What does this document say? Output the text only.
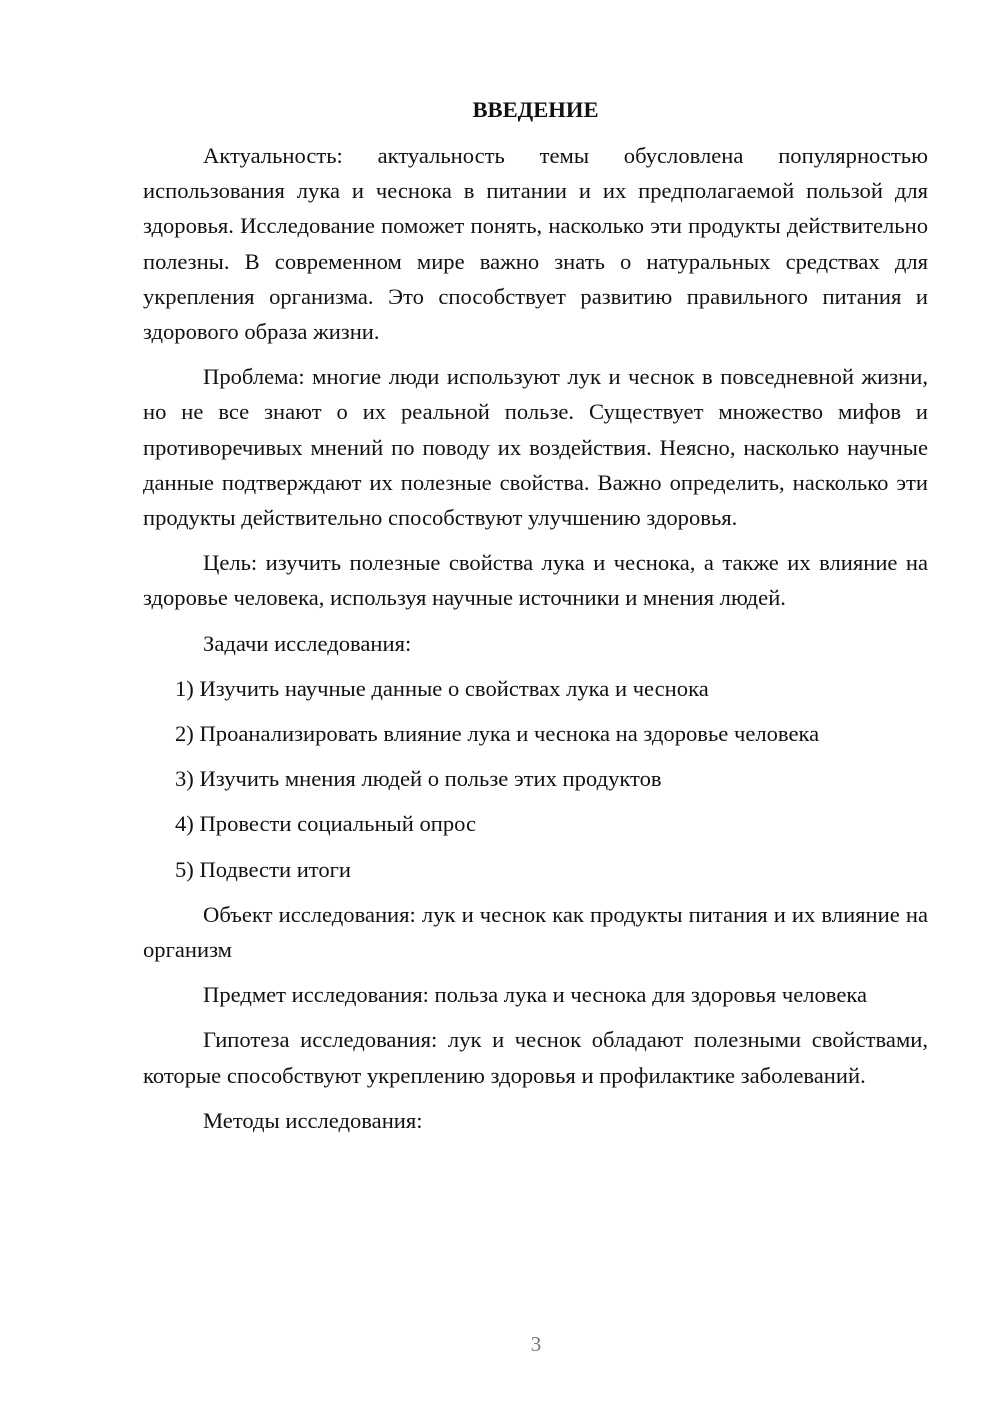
ВВЕДЕНИЕ

Актуальность: актуальность темы обусловлена популярностью использования лука и чеснока в питании и их предполагаемой пользой для здоровья. Исследование поможет понять, насколько эти продукты действительно полезны. В современном мире важно знать о натуральных средствах для укрепления организма. Это способствует развитию правильного питания и здорового образа жизни.

Проблема: многие люди используют лук и чеснок в повседневной жизни, но не все знают о их реальной пользе. Существует множество мифов и противоречивых мнений по поводу их воздействия. Неясно, насколько научные данные подтверждают их полезные свойства. Важно определить, насколько эти продукты действительно способствуют улучшению здоровья.

Цель: изучить полезные свойства лука и чеснока, а также их влияние на здоровье человека, используя научные источники и мнения людей.

Задачи исследования:

1) Изучить научные данные о свойствах лука и чеснока
2) Проанализировать влияние лука и чеснока на здоровье человека
3) Изучить мнения людей о пользе этих продуктов
4) Провести социальный опрос
5) Подвести итоги

Объект исследования: лук и чеснок как продукты питания и их влияние на организм

Предмет исследования: польза лука и чеснока для здоровья человека

Гипотеза исследования: лук и чеснок обладают полезными свойствами, которые способствуют укреплению здоровья и профилактике заболеваний.

Методы исследования:

3
